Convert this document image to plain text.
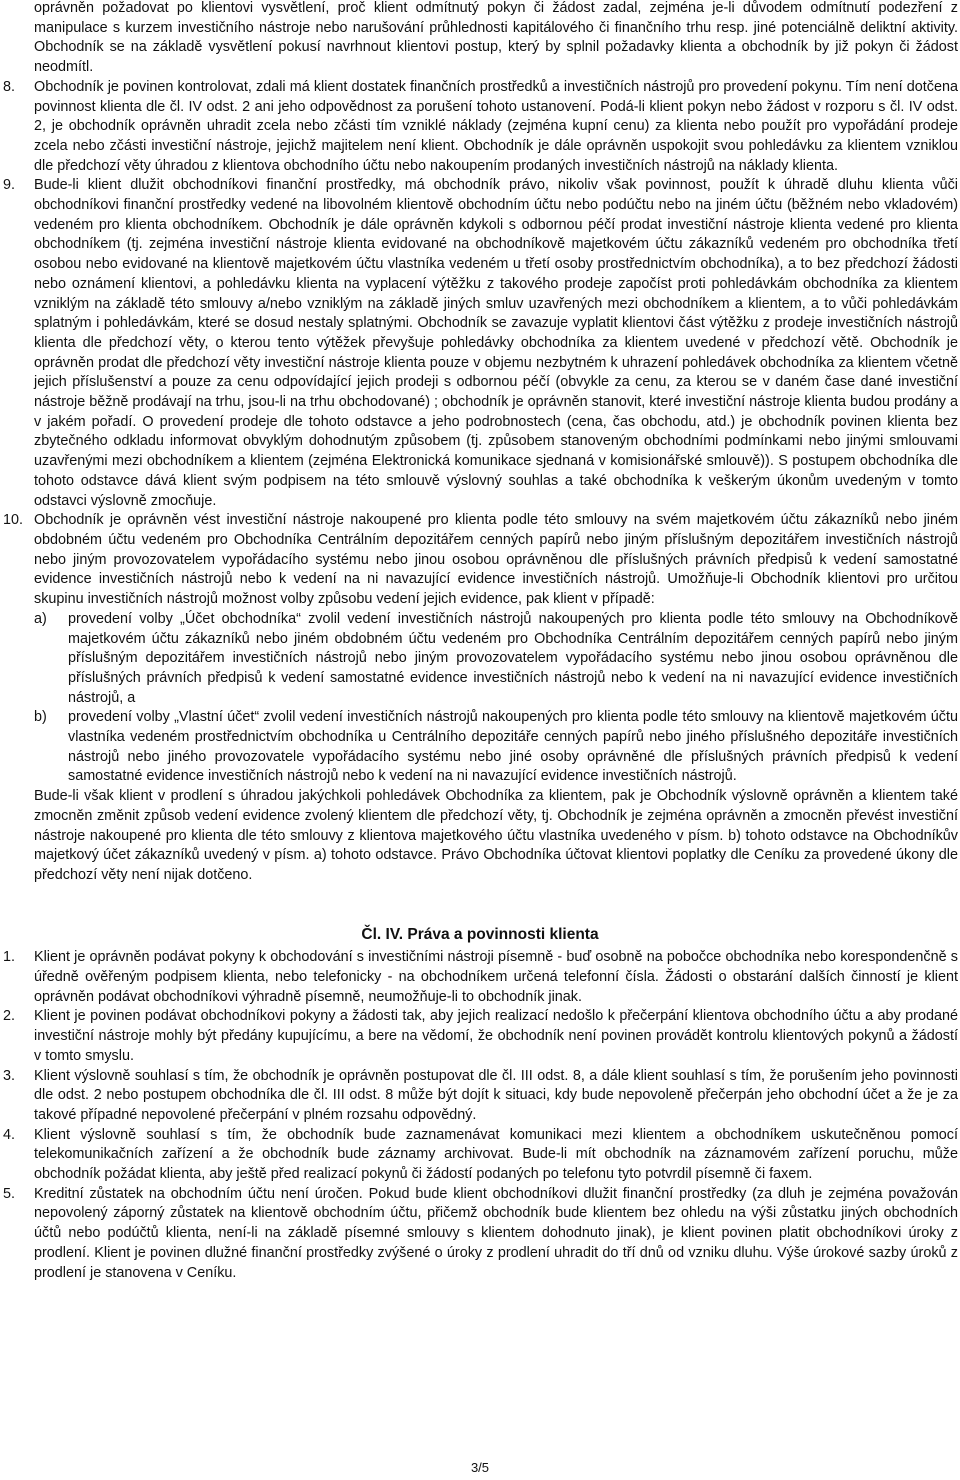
oprávněn požadovat po klientovi vysvětlení, proč klient odmítnutý pokyn či žádost zadal, zejména je-li důvodem odmítnutí podezření z manipulace s kurzem investičního nástroje nebo narušování průhlednosti kapitálového či finančního trhu resp. jiné potenciálně deliktní aktivity. Obchodník se na základě vysvětlení pokusí navrhnout klientovi postup, který by splnil požadavky klienta a obchodník by již pokyn či žádost neodmítl.

8. Obchodník je povinen kontrolovat, zdali má klient dostatek finančních prostředků a investičních nástrojů pro provedení pokynu. Tím není dotčena povinnost klienta dle čl. IV odst. 2 ani jeho odpovědnost za porušení tohoto ustanovení. Podá-li klient pokyn nebo žádost v rozporu s čl. IV odst. 2, je obchodník oprávněn uhradit zcela nebo zčásti tím vzniklé náklady (zejména kupní cenu) za klienta nebo použít pro vypořádání prodeje zcela nebo zčásti investiční nástroje, jejichž majitelem není klient. Obchodník je dále oprávněn uspokojit svou pohledávku za klientem vzniklou dle předchozí věty úhradou z klientova obchodního účtu nebo nakoupením prodaných investičních nástrojů na náklady klienta.
9. Bude-li klient dlužit obchodníkovi finanční prostředky, má obchodník právo, nikoliv však povinnost, použít k úhradě dluhu klienta vůči obchodníkovi finanční prostředky vedené na libovolném klientově obchodním účtu nebo podúčtu nebo na jiném účtu (běžném nebo vkladovém) vedeném pro klienta obchodníkem. Obchodník je dále oprávněn kdykoli s odbornou péčí prodat investiční nástroje klienta vedené pro klienta obchodníkem (tj. zejména investiční nástroje klienta evidované na obchodníkově majetkovém účtu zákazníků vedeném pro obchodníka třetí osobou nebo evidované na klientově majetkovém účtu vlastníka vedeném u třetí osoby prostřednictvím obchodníka), a to bez předchozí žádosti nebo oznámení klientovi, a pohledávku klienta na vyplacení výtěžku z takového prodeje započíst proti pohledávkám obchodníka za klientem vzniklým na základě této smlouvy a/nebo vzniklým na základě jiných smluv uzavřených mezi obchodníkem a klientem, a to vůči pohledávkám splatným i pohledávkám, které se dosud nestaly splatnými. Obchodník se zavazuje vyplatit klientovi část výtěžku z prodeje investičních nástrojů klienta dle předchozí věty, o kterou tento výtěžek převyšuje pohledávky obchodníka za klientem uvedené v předchozí větě. Obchodník je oprávněn prodat dle předchozí věty investiční nástroje klienta pouze v objemu nezbytném k uhrazení pohledávek obchodníka za klientem včetně jejich příslušenství a pouze za cenu odpovídající jejich prodeji s odbornou péčí (obvykle za cenu, za kterou se v daném čase dané investiční nástroje běžně prodávají na trhu, jsou-li na trhu obchodované) ; obchodník je oprávněn stanovit, které investiční nástroje klienta budou prodány a v jakém pořadí. O provedení prodeje dle tohoto odstavce a jeho podrobnostech (cena, čas obchodu, atd.) je obchodník povinen klienta bez zbytečného odkladu informovat obvyklým dohodnutým způsobem (tj. způsobem stanoveným obchodními podmínkami nebo jinými smlouvami uzavřenými mezi obchodníkem a klientem (zejména Elektronická komunikace sjednaná v komisionářské smlouvě)). S postupem obchodníka dle tohoto odstavce dává klient svým podpisem na této smlouvě výslovný souhlas a také obchodníka k veškerým úkonům uvedeným v tomto odstavci výslovně zmocňuje.
10. Obchodník je oprávněn vést investiční nástroje nakoupené pro klienta podle této smlouvy na svém majetkovém účtu zákazníků nebo jiném obdobném účtu vedeném pro Obchodníka Centrálním depozitářem cenných papírů nebo jiným příslušným depozitářem investičních nástrojů nebo jiným provozovatelem vypořádacího systému nebo jinou osobou oprávněnou dle příslušných právních předpisů k vedení samostatné evidence investičních nástrojů nebo k vedení na ni navazující evidence investičních nástrojů. Umožňuje-li Obchodník klientovi pro určitou skupinu investičních nástrojů možnost volby způsobu vedení jejich evidence, pak klient v případě:
a) provedení volby „Účet obchodníka“ zvolil vedení investičních nástrojů nakoupených pro klienta podle této smlouvy na Obchodníkově majetkovém účtu zákazníků nebo jiném obdobném účtu vedeném pro Obchodníka Centrálním depozitářem cenných papírů nebo jiným příslušným depozitářem investičních nástrojů nebo jiným provozovatelem vypořádacího systému nebo jinou osobou oprávněnou dle příslušných právních předpisů k vedení samostatné evidence investičních nástrojů nebo k vedení na ni navazující evidence investičních nástrojů, a
b) provedení volby „Vlastní účet“ zvolil vedení investičních nástrojů nakoupených pro klienta podle této smlouvy na klientově majetkovém účtu vlastníka vedeném prostřednictvím obchodníka u Centrálního depozitáře cenných papírů nebo jiného příslušného depozitáře investičních nástrojů nebo jiného provozovatele vypořádacího systému nebo jiné osoby oprávněné dle příslušných právních předpisů k vedení samostatné evidence investičních nástrojů nebo k vedení na ni navazující evidence investičních nástrojů.

Bude-li však klient v prodlení s úhradou jakýchkoli pohledávek Obchodníka za klientem, pak je Obchodník výslovně oprávněn a klientem také zmocněn změnit způsob vedení evidence zvolený klientem dle předchozí věty, tj. Obchodník je zejména oprávněn a zmocněn převést investiční nástroje nakoupené pro klienta dle této smlouvy z klientova majetkového účtu vlastníka uvedeného v písm. b) tohoto odstavce na Obchodníkův majetkový účet zákazníků uvedený v písm. a) tohoto odstavce. Právo Obchodníka účtovat klientovi poplatky dle Ceníku za provedené úkony dle předchozí věty není nijak dotčeno.

Čl. IV. Práva a povinnosti klienta
1. Klient je oprávněn podávat pokyny k obchodování s investičními nástroji písemně - buď osobně na pobočce obchodníka nebo korespondenčně s úředně ověřeným podpisem klienta, nebo telefonicky - na obchodníkem určená telefonní čísla. Žádosti o obstarání dalších činností je klient oprávněn podávat obchodníkovi výhradně písemně, neumožňuje-li to obchodník jinak.
2. Klient je povinen podávat obchodníkovi pokyny a žádosti tak, aby jejich realizací nedošlo k přečerpání klientova obchodního účtu a aby prodané investiční nástroje mohly být předány kupujícímu, a bere na vědomí, že obchodník není povinen provádět kontrolu klientových pokynů a žádostí v tomto smyslu.
3. Klient výslovně souhlasí s tím, že obchodník je oprávněn postupovat dle čl. III odst. 8, a dále klient souhlasí s tím, že porušením jeho povinnosti dle odst. 2 nebo postupem obchodníka dle čl. III odst. 8 může být dojít k situaci, kdy bude nepovoleně přečerpán jeho obchodní účet a že je za takové případné nepovolené přečerpání v plném rozsahu odpovědný.
4. Klient výslovně souhlasí s tím, že obchodník bude zaznamenávat komunikaci mezi klientem a obchodníkem uskutečněnou pomocí telekomunikačních zařízení a že obchodník bude záznamy archivovat. Bude-li mít obchodník na záznamovém zařízení poruchu, může obchodník požádat klienta, aby ještě před realizací pokynů či žádostí podaných po telefonu tyto potvrdil písemně či faxem.
5. Kreditní zůstatek na obchodním účtu není úročen. Pokud bude klient obchodníkovi dlužit finanční prostředky (za dluh je zejména považován nepovolený záporný zůstatek na klientově obchodním účtu, přičemž obchodník bude klientem bez ohledu na výši zůstatku jiných obchodních účtů nebo podúčtů klienta, není-li na základě písemné smlouvy s klientem dohodnuto jinak), je klient povinen platit obchodníkovi úroky z prodlení. Klient je povinen dlužné finanční prostředky zvýšené o úroky z prodlení uhradit do tří dnů od vzniku dluhu. Výše úrokové sazby úroků z prodlení je stanovena v Ceníku.
3/5
